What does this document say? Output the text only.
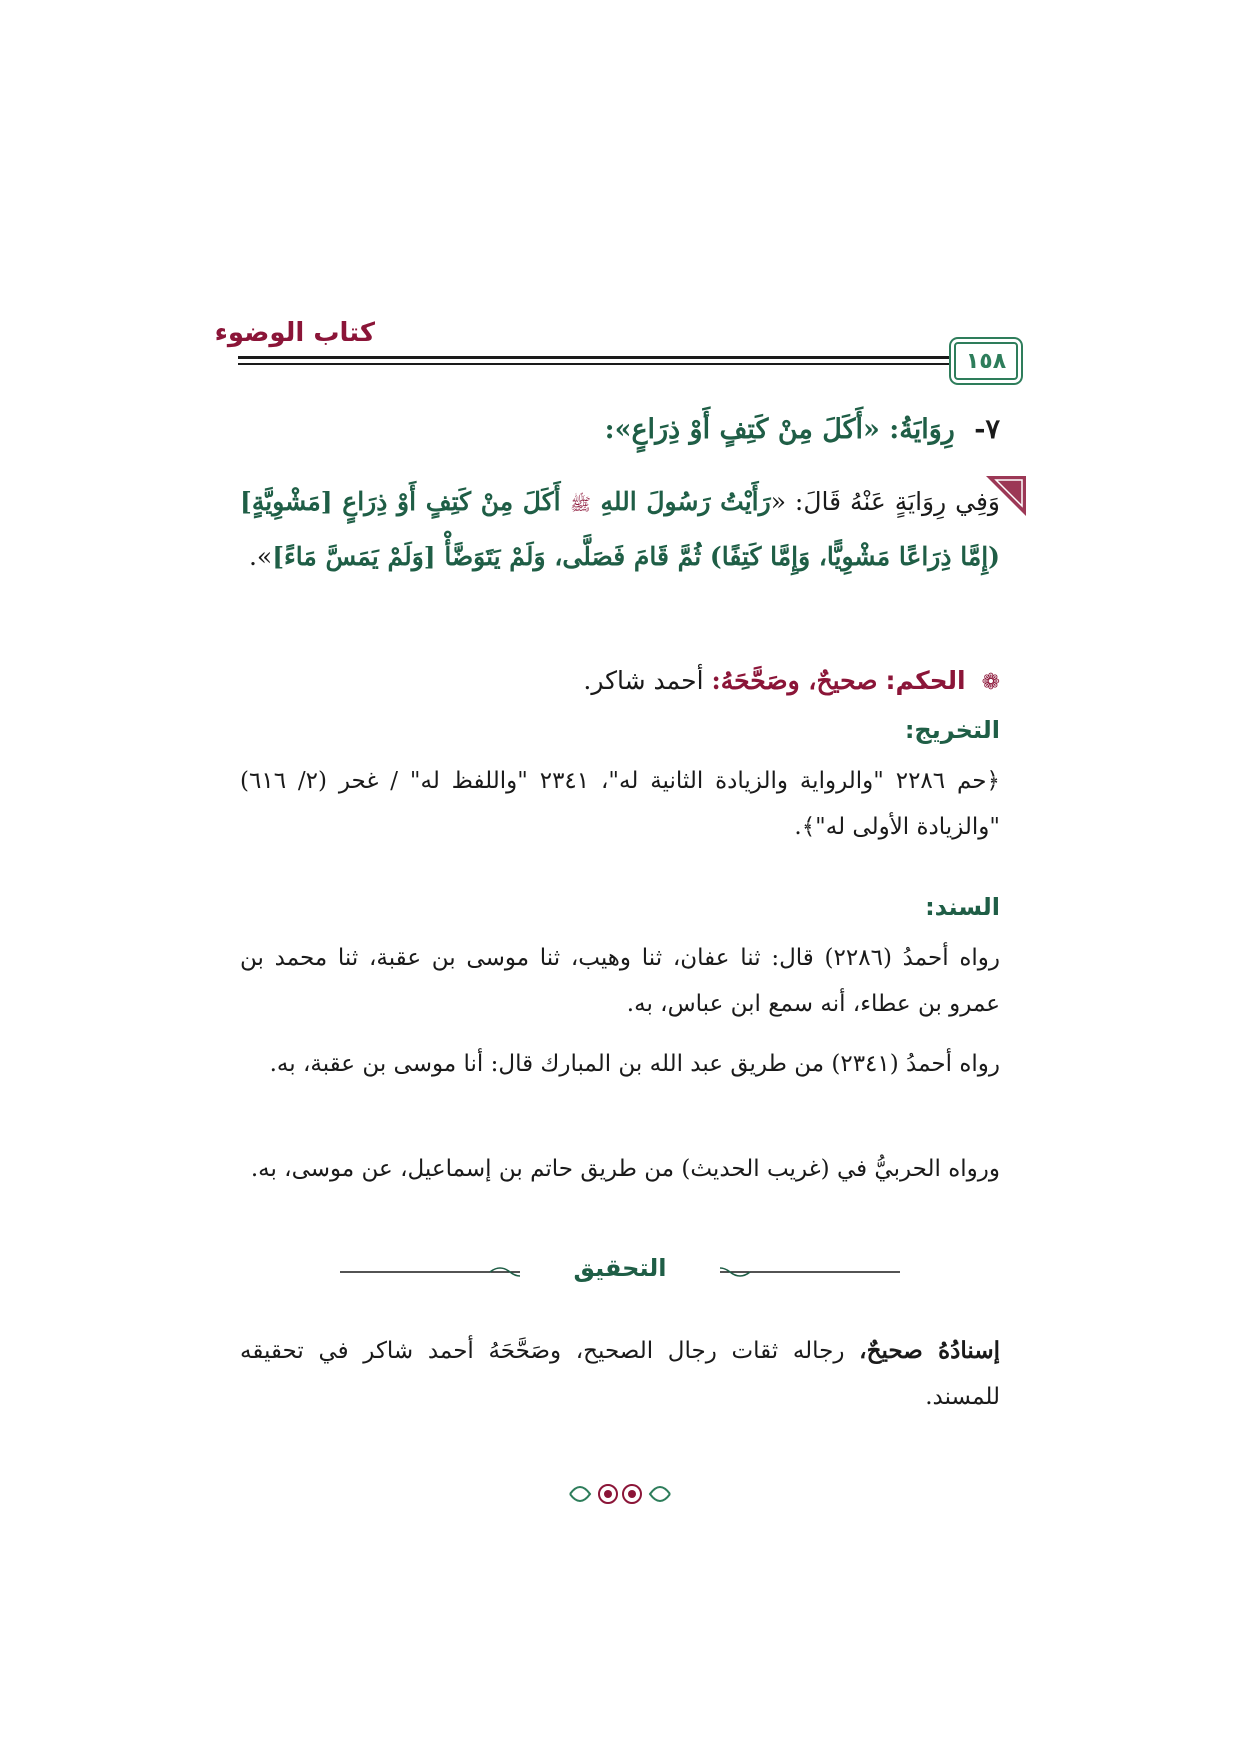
كتاب الوضوء
١٥٨
٧- رِوَايَةُ: «أَكَلَ مِنْ كَتِفٍ أَوْ ذِرَاعٍ»:
وَفِي رِوَايَةٍ عَنْهُ قَالَ: «رَأَيْتُ رَسُولَ اللهِ ﷺ أَكَلَ مِنْ كَتِفٍ أَوْ ذِرَاعٍ [مَشْوِيَّةٍ] (إِمَّا ذِرَاعًا مَشْوِيًّا، وَإِمَّا كَتِفًا) ثُمَّ قَامَ فَصَلَّى، وَلَمْ يَتَوَضَّأْ [وَلَمْ يَمَسَّ مَاءً]».
❁ الحكم: صحيحٌ، وصَحَّحَهُ: أحمد شاكر.
التخريج:
﴿حم ٢٢٨٦ "والرواية والزيادة الثانية له"، ٢٣٤١ "واللفظ له" / غحر (٢/ ٦١٦) "والزيادة الأولى له"﴾.
السند:
رواه أحمدُ (٢٢٨٦) قال: ثنا عفان، ثنا وهيب، ثنا موسى بن عقبة، ثنا محمد بن عمرو بن عطاء، أنه سمع ابن عباس، به.
رواه أحمدُ (٢٣٤١) من طريق عبد الله بن المبارك قال: أنا موسى بن عقبة، به.
ورواه الحربيُّ في (غريب الحديث) من طريق حاتم بن إسماعيل، عن موسى، به.
التحقيق
إسنادُهُ صحيحٌ، رجاله ثقات رجال الصحيح، وصَحَّحَهُ أحمد شاكر في تحقيقه للمسند.
